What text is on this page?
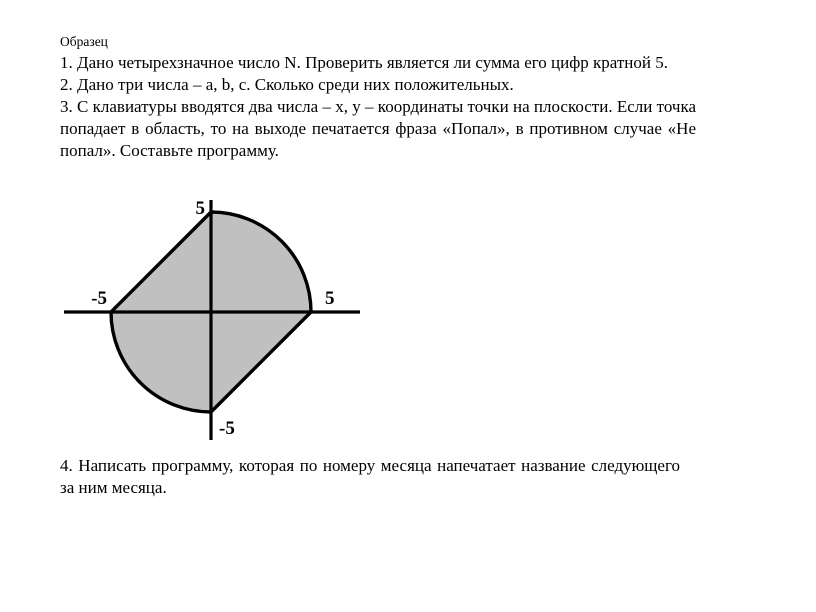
Образец

1. Дано четырехзначное число N. Проверить является ли сумма его цифр кратной 5.

2. Дано три числа – a, b, c. Сколько среди них положительных.

3. С клавиатуры вводятся два числа – x, y – координаты точки на плоскости. Если точка попадает в область, то на выходе печатается фраза «Попал», в противном случае «Не попал». Составьте программу.

5
-5	5
-5

4. Написать программу, которая по номеру месяца напечатает название следующего за ним месяца.
